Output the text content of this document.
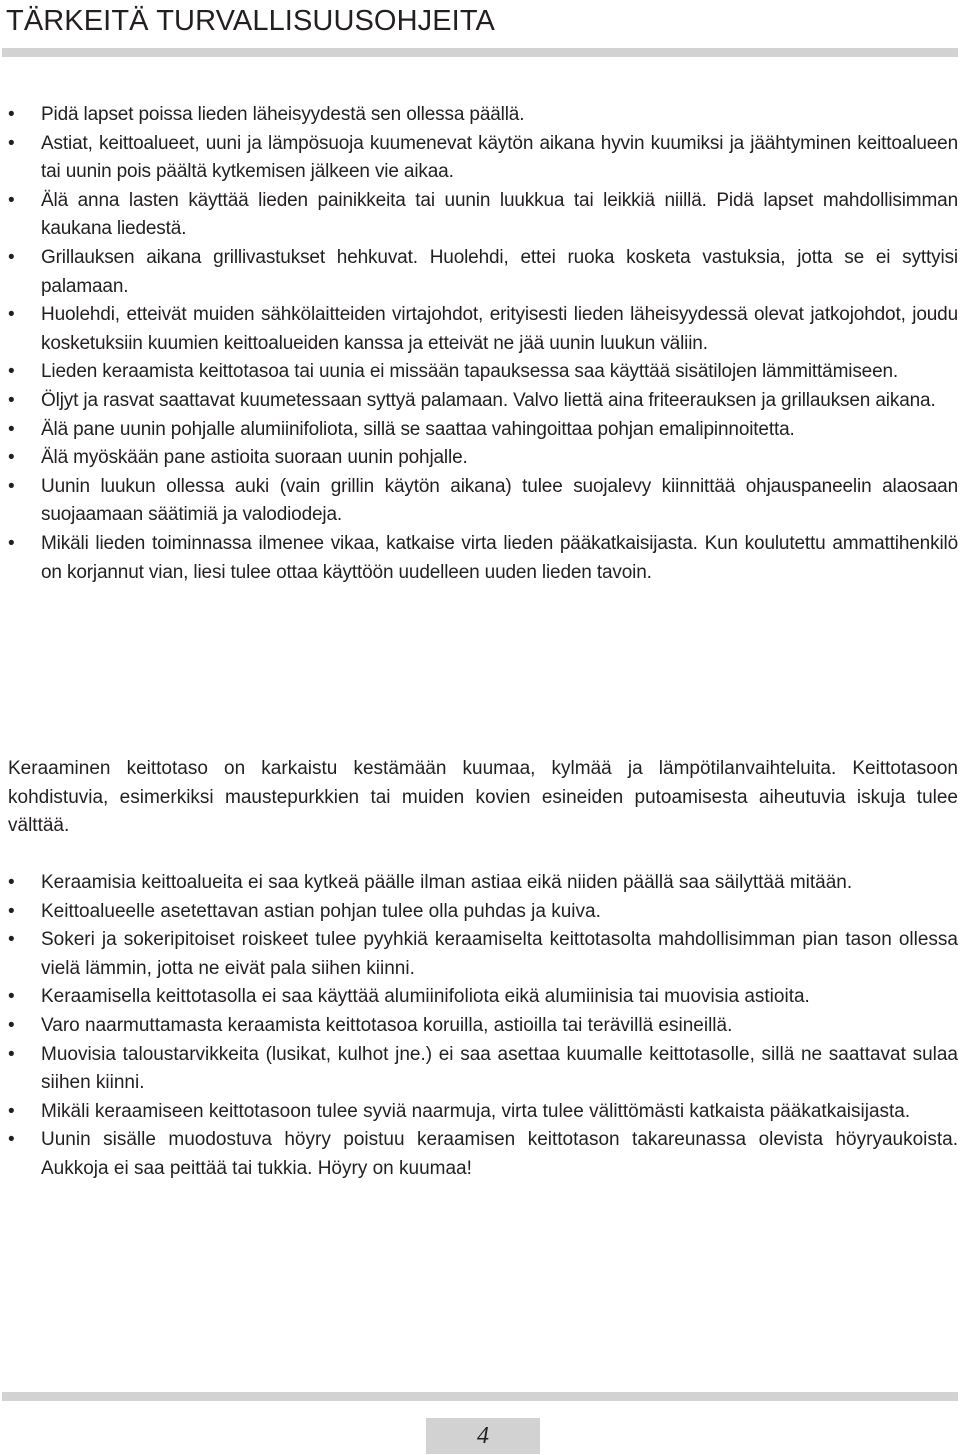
TÄRKEITÄ TURVALLISUUSOHJEITA
• Pidä lapset poissa lieden läheisyydestä sen ollessa päällä.
• Astiat, keittoalueet, uuni ja lämpösuoja kuumenevat käytön aikana hyvin kuumiksi ja jäähtyminen keittoalueen tai uunin pois päältä kytkemisen jälkeen vie aikaa.
• Älä anna lasten käyttää lieden painikkeita tai uunin luukkua tai leikkiä niillä. Pidä lapset mahdollisimman kaukana liedestä.
• Grillauksen aikana grillivastukset hehkuvat. Huolehdi, ettei ruoka kosketa vastuksia, jotta se ei syttyisi palamaan.
• Huolehdi, etteivät muiden sähkölaitteiden virtajohdot, erityisesti lieden läheisyydessä olevat jatkojohdot, joudu kosketuksiin kuumien keittoalueiden kanssa ja etteivät ne jää uunin luukun väliin.
• Lieden keraamista keittotasoa tai uunia ei missään tapauksessa saa käyttää sisätilojen lämmittämiseen.
• Öljyt ja rasvat saattavat kuumetessaan syttyä palamaan. Valvo liettä aina friteerauksen ja grillauksen aikana.
• Älä pane uunin pohjalle alumiinifoliota, sillä se saattaa vahingoittaa pohjan emalipinnoitetta.
• Älä myöskään pane astioita suoraan uunin pohjalle.
• Uunin luukun ollessa auki (vain grillin käytön aikana) tulee suojalevy kiinnittää ohjauspaneelin alaosaan suojaamaan säätimiä ja valodiodeja.
• Mikäli lieden toiminnassa ilmenee vikaa, katkaise virta lieden pääkatkaisijasta. Kun koulutettu ammattihenkilö on korjannut vian, liesi tulee ottaa käyttöön uudelleen uuden lieden tavoin.

Keraaminen keittotaso on karkaistu kestämään kuumaa, kylmää ja lämpötilanvaihteluita. Keittotasoon kohdistuvia, esimerkiksi maustepurkkien tai muiden kovien esineiden putoamisesta aiheutuvia iskuja tulee välttää.

• Keraamisia keittoalueita ei saa kytkeä päälle ilman astiaa eikä niiden päällä saa säilyttää mitään.
• Keittoalueelle asetettavan astian pohjan tulee olla puhdas ja kuiva.
• Sokeri ja sokeripitoiset roiskeet tulee pyyhkiä keraamiselta keittotasolta mahdollisimman pian tason ollessa vielä lämmin, jotta ne eivät pala siihen kiinni.
• Keraamisella keittotasolla ei saa käyttää alumiinifoliota eikä alumiinisia tai muovisia astioita.
• Varo naarmuttamasta keraamista keittotasoa koruilla, astioilla tai terävillä esineillä.
• Muovisia taloustarvikkeita (lusikat, kulhot jne.) ei saa asettaa kuumalle keittotasolle, sillä ne saattavat sulaa siihen kiinni.
• Mikäli keraamiseen keittotasoon tulee syviä naarmuja, virta tulee välittömästi katkaista pääkatkaisijasta.
• Uunin sisälle muodostuva höyry poistuu keraamisen keittotason takareunassa olevista höyryaukoista. Aukkoja ei saa peittää tai tukkia. Höyry on kuumaa!
4
